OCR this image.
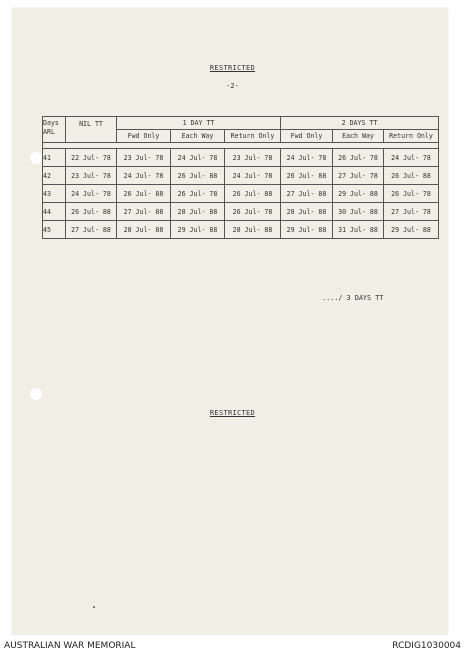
RESTRICTED
-2-
Days ARL	NIL TT	1 DAY TT			2 DAYS TT		
		Fwd Only	Each Way	Return Only	Fwd Only	Each Way	Return Only

41	22 Jul- 78	23 Jul- 78	24 Jul- 78	23 Jul- 78	24 Jul- 78	26 Jul- 78	24 Jul- 78
42	23 Jul- 78	24 Jul- 78	26 Jul- 88	24 Jul- 78	26 Jul- 88	27 Jul- 78	26 Jul- 88
43	24 Jul- 78	26 Jul- 88	26 Jul- 78	26 Jul- 88	27 Jul- 88	29 Jul- 88	26 Jul- 78
44	26 Jul- 88	27 Jul- 88	28 Jul- 88	26 Jul- 78	28 Jul- 88	30 Jul- 88	27 Jul- 78
45	27 Jul- 88	28 Jul- 88	29 Jul- 88	28 Jul- 88	29 Jul- 88	31 Jul- 88	29 Jul- 88
..../ 3 DAYS TT
RESTRICTED
AUSTRALIAN WAR MEMORIAL	RCDIG1030004
